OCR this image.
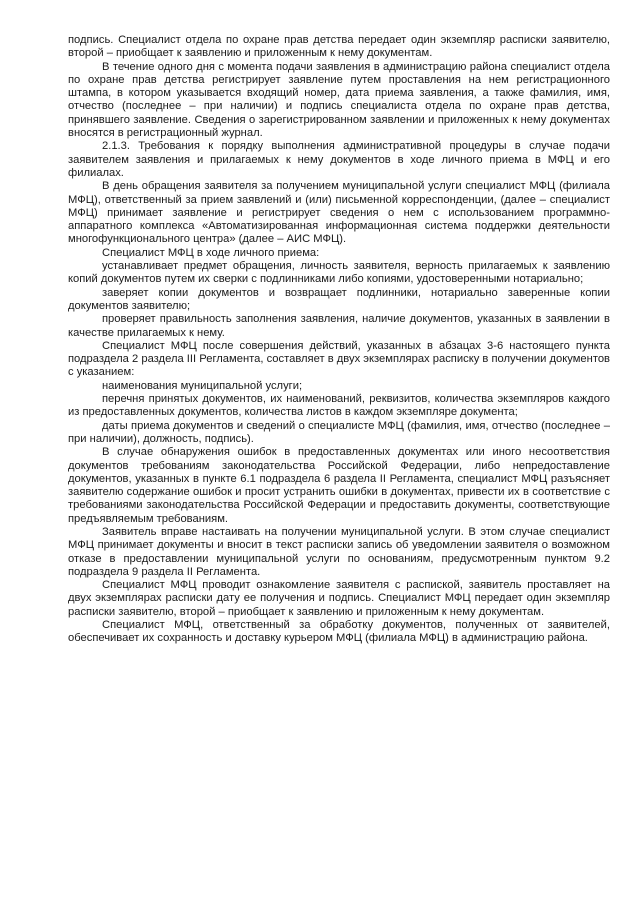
подпись. Специалист отдела по охране прав детства передает один экземпляр расписки заявителю, второй – приобщает к заявлению и приложенным к нему документам.

В течение одного дня с момента подачи заявления в администрацию района специалист отдела по охране прав детства регистрирует заявление путем проставления на нем регистрационного штампа, в котором указывается входящий номер, дата приема заявления, а также фамилия, имя, отчество (последнее – при наличии) и подпись специалиста отдела по охране прав детства, принявшего заявление. Сведения о зарегистрированном заявлении и приложенных к нему документах вносятся в регистрационный журнал.

2.1.3. Требования к порядку выполнения административной процедуры в случае подачи заявителем заявления и прилагаемых к нему документов в ходе личного приема в МФЦ и его филиалах.

В день обращения заявителя за получением муниципальной услуги специалист МФЦ (филиала МФЦ), ответственный за прием заявлений и (или) письменной корреспонденции, (далее – специалист МФЦ) принимает заявление и регистрирует сведения о нем с использованием программно-аппаратного комплекса «Автоматизированная информационная система поддержки деятельности многофункционального центра» (далее – АИС МФЦ).

Специалист МФЦ в ходе личного приема:

устанавливает предмет обращения, личность заявителя, верность прилагаемых к заявлению копий документов путем их сверки с подлинниками либо копиями, удостоверенными нотариально;

заверяет копии документов и возвращает подлинники, нотариально заверенные копии документов заявителю;

проверяет правильность заполнения заявления, наличие документов, указанных в заявлении в качестве прилагаемых к нему.

Специалист МФЦ после совершения действий, указанных в абзацах 3-6 настоящего пункта подраздела 2 раздела III Регламента, составляет в двух экземплярах расписку в получении документов с указанием:

наименования муниципальной услуги;

перечня принятых документов, их наименований, реквизитов, количества экземпляров каждого из предоставленных документов, количества листов в каждом экземпляре документа;

даты приема документов и сведений о специалисте МФЦ (фамилия, имя, отчество (последнее – при наличии), должность, подпись).

В случае обнаружения ошибок в предоставленных документах или иного несоответствия документов требованиям законодательства Российской Федерации, либо непредоставление документов, указанных в пункте 6.1 подраздела 6 раздела II Регламента, специалист МФЦ разъясняет заявителю содержание ошибок и просит устранить ошибки в документах, привести их в соответствие с требованиями законодательства Российской Федерации и предоставить документы, соответствующие предъявляемым требованиям.

Заявитель вправе настаивать на получении муниципальной услуги. В этом случае специалист МФЦ принимает документы и вносит в текст расписки запись об уведомлении заявителя о возможном отказе в предоставлении муниципальной услуги по основаниям, предусмотренным пунктом 9.2 подраздела 9 раздела II Регламента.

Специалист МФЦ проводит ознакомление заявителя с распиской, заявитель проставляет на двух экземплярах расписки дату ее получения и подпись. Специалист МФЦ передает один экземпляр расписки заявителю, второй – приобщает к заявлению и приложенным к нему документам.

Специалист МФЦ, ответственный за обработку документов, полученных от заявителей, обеспечивает их сохранность и доставку курьером МФЦ (филиала МФЦ) в администрацию района.
